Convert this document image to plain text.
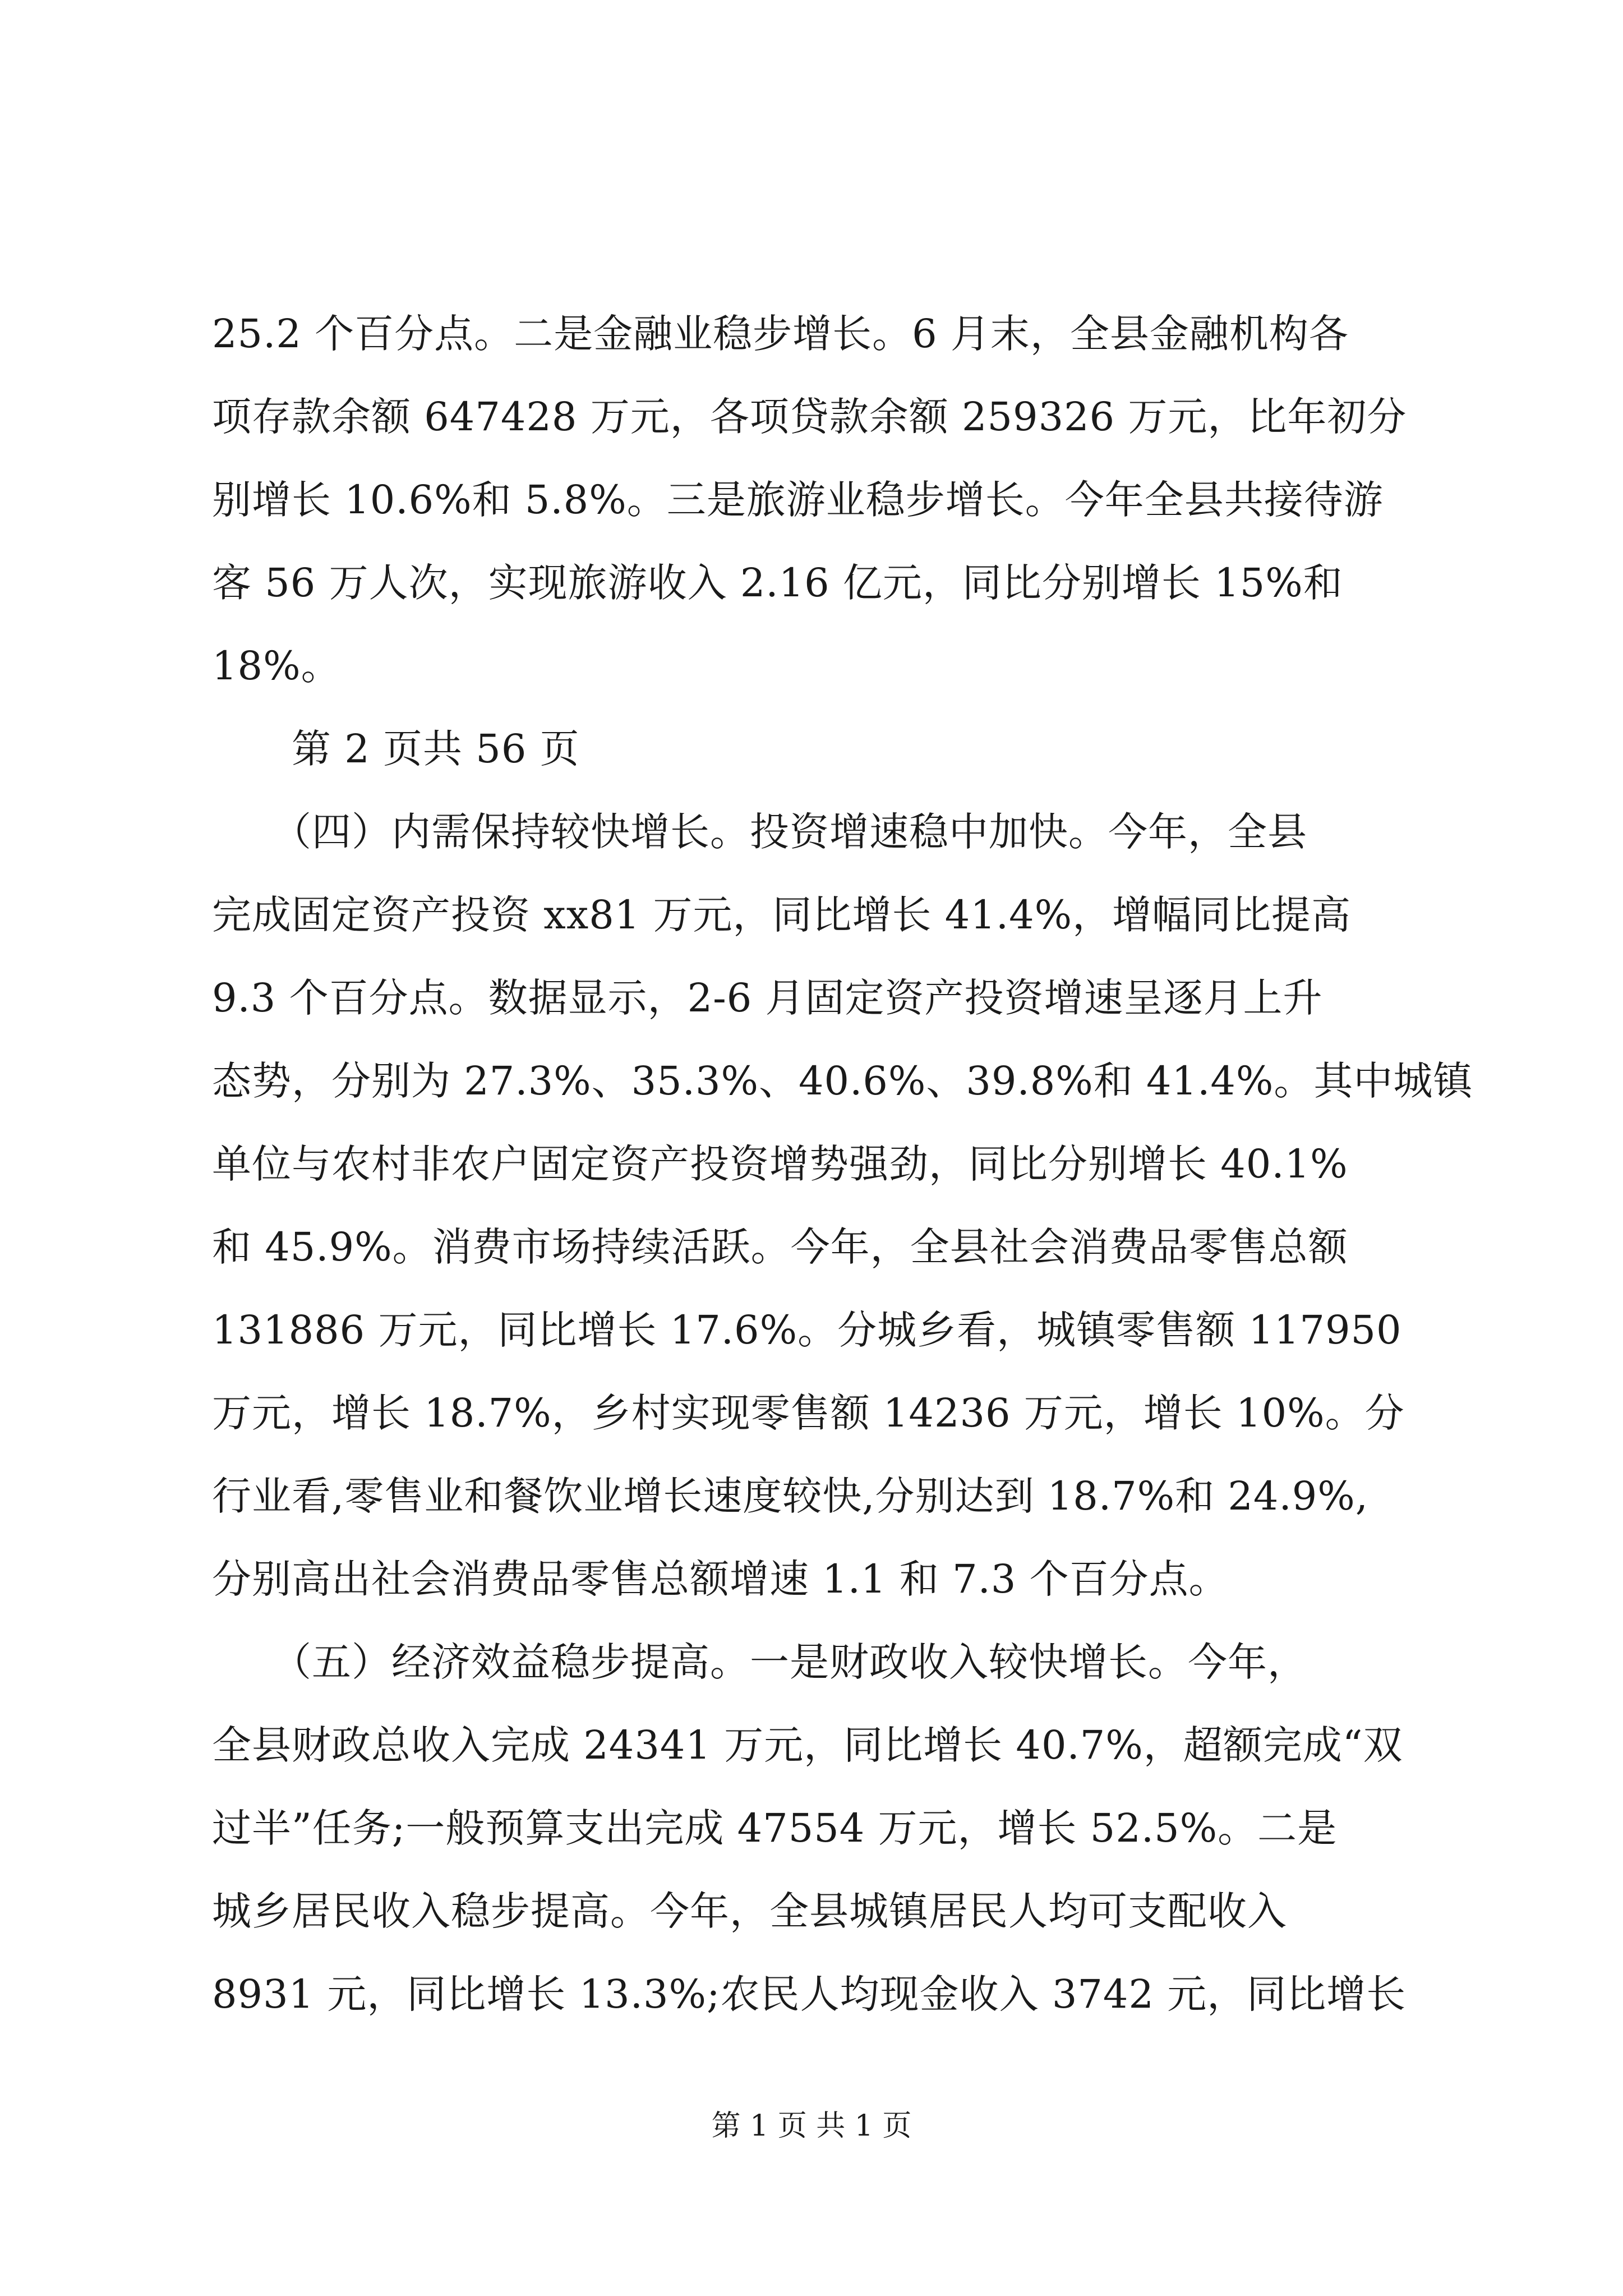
25.2 个百分点。二是金融业稳步增长。6 月末，全县金融机构各
项存款余额 647428 万元，各项贷款余额 259326 万元，比年初分
别增长 10.6%和 5.8%。三是旅游业稳步增长。今年全县共接待游
客 56 万人次，实现旅游收入 2.16 亿元，同比分别增长 15%和
18%。
　　第 2 页共 56 页
　　（四）内需保持较快增长。投资增速稳中加快。今年，全县
完成固定资产投资 xx81 万元，同比增长 41.4%，增幅同比提高
9.3 个百分点。数据显示，2-6 月固定资产投资增速呈逐月上升
态势，分别为 27.3%、35.3%、40.6%、39.8%和 41.4%。其中城镇
单位与农村非农户固定资产投资增势强劲，同比分别增长 40.1%
和 45.9%。消费市场持续活跃。今年，全县社会消费品零售总额
131886 万元，同比增长 17.6%。分城乡看，城镇零售额 117950
万元，增长 18.7%，乡村实现零售额 14236 万元，增长 10%。分
行业看,零售业和餐饮业增长速度较快,分别达到 18.7%和 24.9%,
分别高出社会消费品零售总额增速 1.1 和 7.3 个百分点。
　　（五）经济效益稳步提高。一是财政收入较快增长。今年，
全县财政总收入完成 24341 万元，同比增长 40.7%，超额完成“双
过半”任务;一般预算支出完成 47554 万元，增长 52.5%。二是
城乡居民收入稳步提高。今年，全县城镇居民人均可支配收入
8931 元，同比增长 13.3%;农民人均现金收入 3742 元，同比增长
第 1 页 共 1 页
